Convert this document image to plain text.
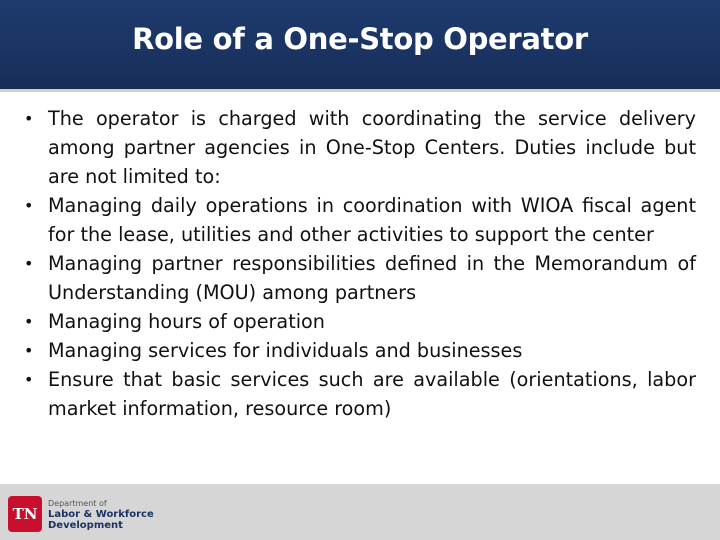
Role of a One-Stop Operator
• The operator is charged with coordinating the service delivery among partner agencies in One-Stop Centers. Duties include but are not limited to:
• Managing daily operations in coordination with WIOA fiscal agent for the lease, utilities and other activities to support the center
• Managing partner responsibilities defined in the Memorandum of Understanding (MOU) among partners
• Managing hours of operation
• Managing services for individuals and businesses
• Ensure that basic services such are available (orientations, labor market information, resource room)
TN
Department of
Labor & Workforce
Development
